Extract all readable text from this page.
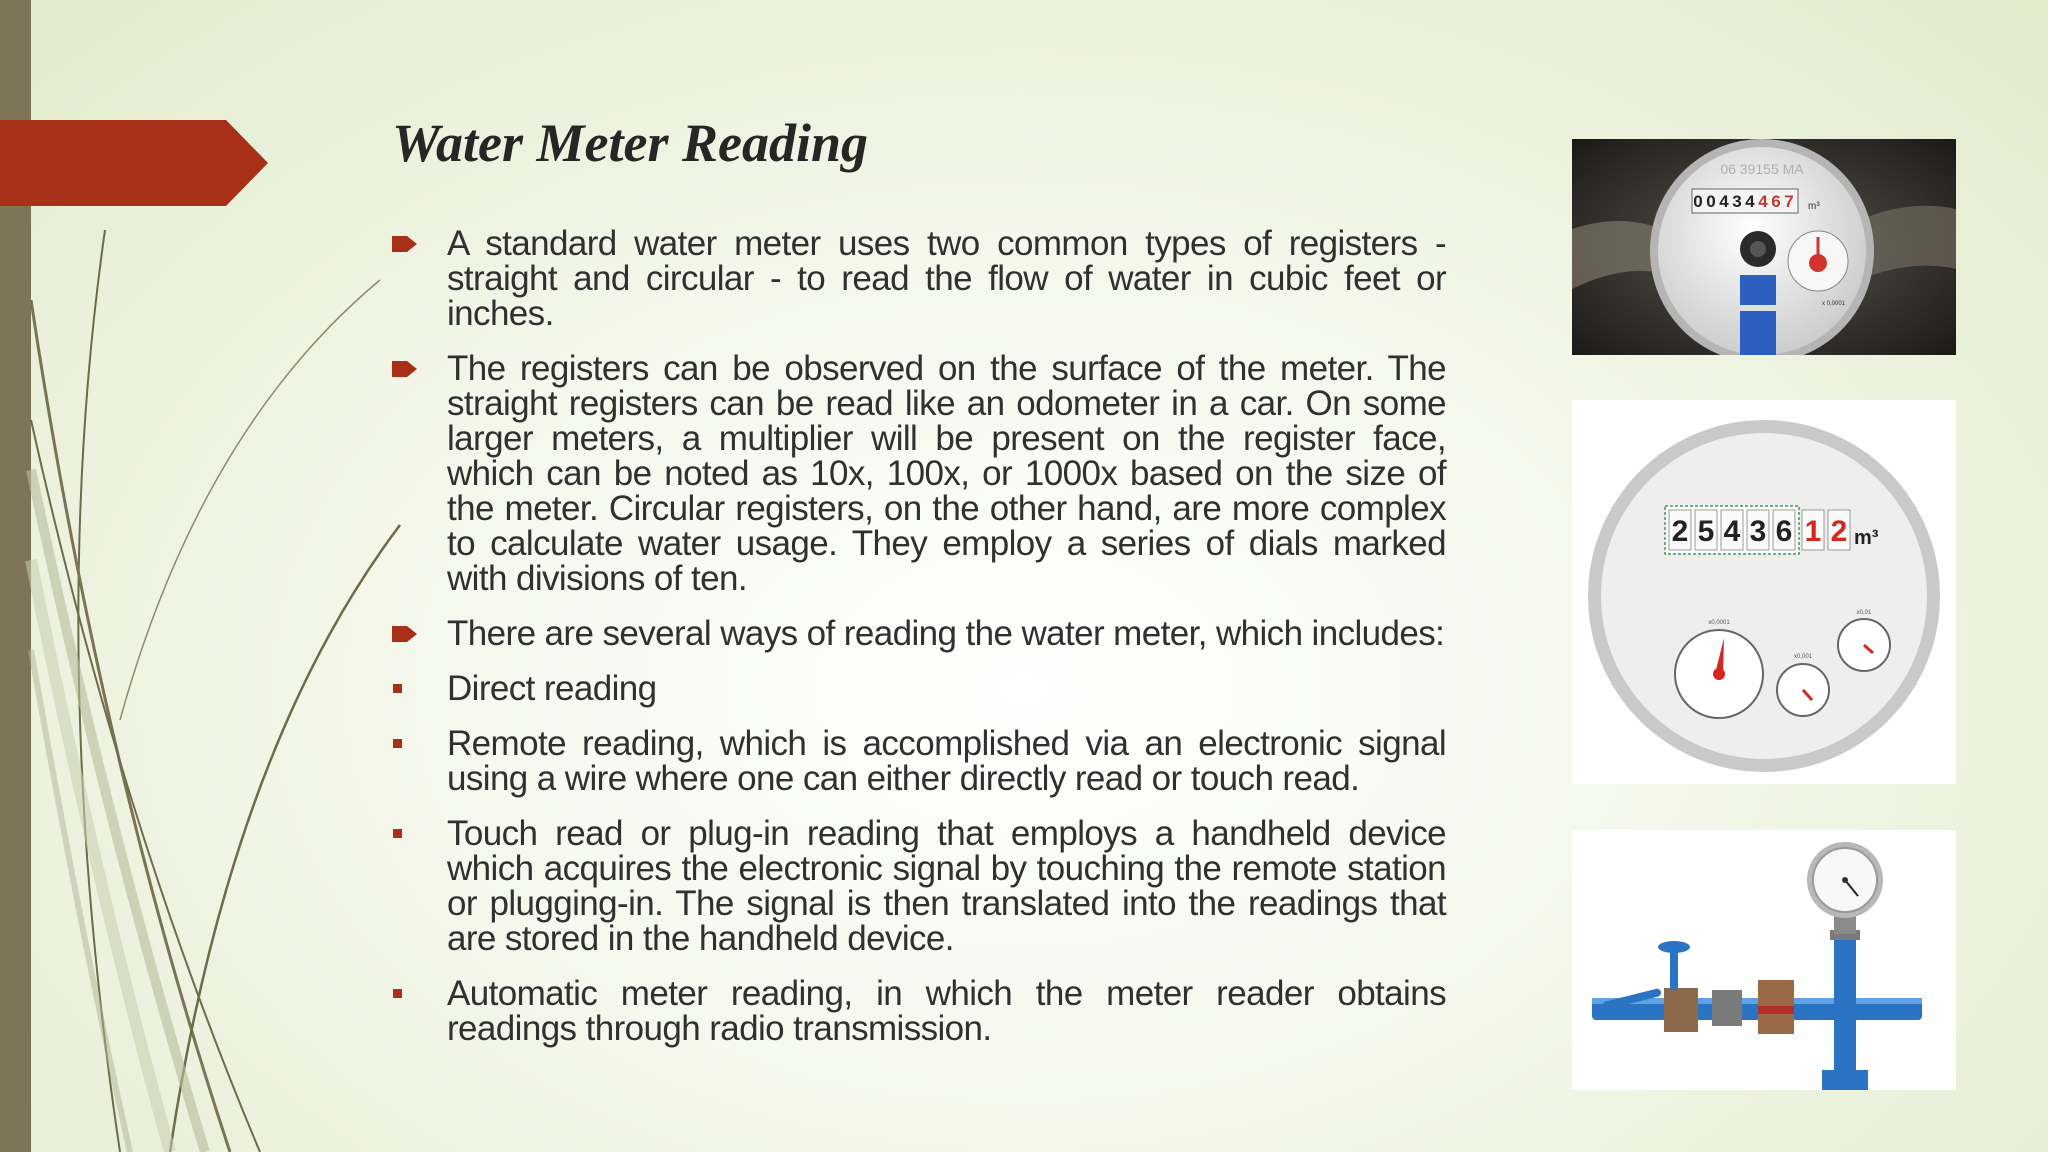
Water Meter Reading
A standard water meter uses two common types of registers - straight and circular - to read the flow of water in cubic feet or inches.
The registers can be observed on the surface of the meter. The straight registers can be read like an odometer in a car. On some larger meters, a multiplier will be present on the register face, which can be noted as 10x, 100x, or 1000x based on the size of the meter. Circular registers, on the other hand, are more complex to calculate water usage. They employ a series of dials marked with divisions of ten.
There are several ways of reading the water meter, which includes:
Direct reading
Remote reading, which is accomplished via an electronic signal using a wire where one can either directly read or touch read.
Touch read or plug-in reading that employs a handheld device which acquires the electronic signal by touching the remote station or plugging-in. The signal is then translated into the readings that are stored in the handheld device.
Automatic meter reading, in which the meter reader obtains readings through radio transmission.
06 39155 MA
0 0 4 3 4 4 6 7 m³
x 0,0001
2 5 4 3 6 1 2 m³
x0,0001
x0,001
x0,01
